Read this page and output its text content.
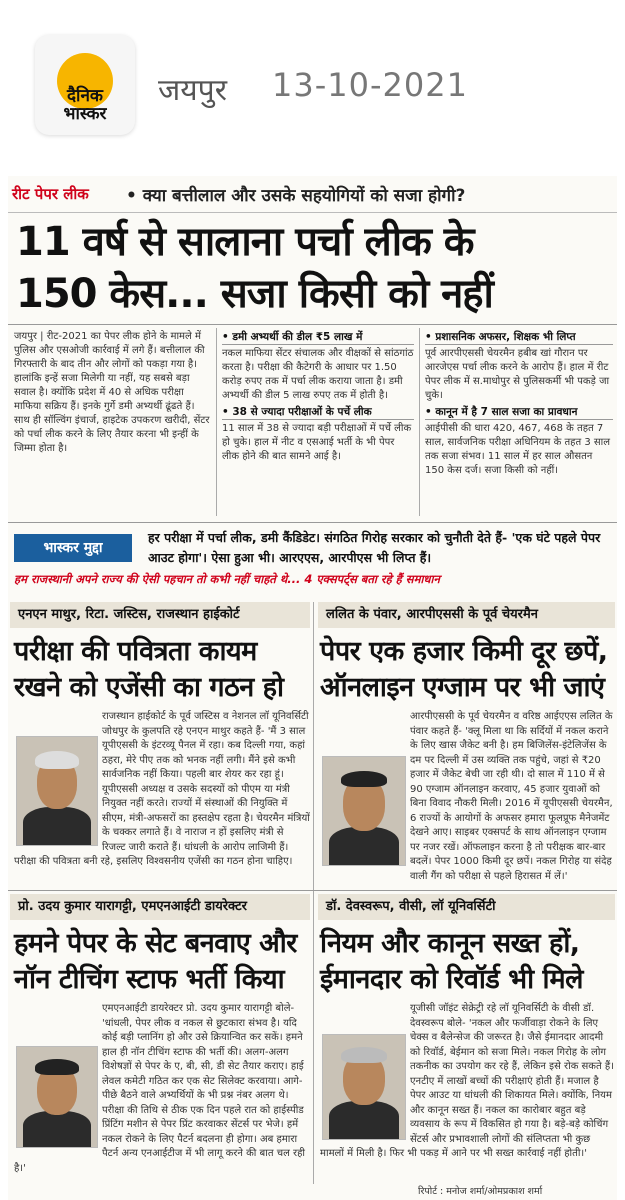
दैनिक
भास्कर
जयपुर 13-10-2021
रीट पेपर लीक • क्या बत्तीलाल और उसके सहयोगियों को सजा होगी?
11 वर्ष से सालाना पर्चा लीक के
150 केस... सजा किसी को नहीं
जयपुर | रीट-2021 का पेपर लीक होने के मामले में पुलिस और एसओजी कार्रवाई में लगे हैं। बत्तीलाल की गिरफ्तारी के बाद तीन और लोगों को पकड़ा गया है। हालांकि इन्हें सजा मिलेगी या नहीं, यह सबसे बड़ा सवाल है। क्योंकि प्रदेश में 40 से अधिक परीक्षा माफिया सक्रिय हैं। इनके गुर्गे डमी अभ्यर्थी ढूंढते हैं। साथ ही सॉल्विंग इंचार्ज, हाइटेक उपकरण खरीदी, सेंटर को पर्चा लीक करने के लिए तैयार करना भी इन्हीं के जिम्मा होता है।
• डमी अभ्यर्थी की डील ₹5 लाख में
नकल माफिया सेंटर संचालक और वीक्षकों से सांठगांठ करता है। परीक्षा की कैटेगरी के आधार पर 1.50 करोड़ रुपए तक में पर्चा लीक कराया जाता है। डमी अभ्यर्थी की डील 5 लाख रुपए तक में होती है।
• 38 से ज्यादा परीक्षाओं के पर्चे लीक
11 साल में 38 से ज्यादा बड़ी परीक्षाओं में पर्चे लीक हो चुके। हाल में नीट व एसआई भर्ती के भी पेपर लीक होने की बात सामने आई है।
• प्रशासनिक अफसर, शिक्षक भी लिप्त
पूर्व आरपीएससी चेयरमैन हबीब खां गौरान पर आरजेएस पर्चा लीक करने के आरोप हैं। हाल में रीट पेपर लीक में स.माधोपुर से पुलिसकर्मी भी पकड़े जा चुके।
• कानून में है 7 साल सजा का प्रावधान
आईपीसी की धारा 420, 467, 468 के तहत 7 साल, सार्वजनिक परीक्षा अधिनियम के तहत 3 साल तक सजा संभव। 11 साल में हर साल औसतन 150 केस दर्ज। सजा किसी को नहीं।
भास्कर मुद्दा
हर परीक्षा में पर्चा लीक, डमी कैंडिडेट। संगठित गिरोह सरकार को चुनौती देते हैं- 'एक घंटे पहले पेपर आउट होगा'। ऐसा हुआ भी। आरएएस, आरपीएस भी लिप्त हैं।
हम राजस्थानी अपने राज्य की ऐसी पहचान तो कभी नहीं चाहते थे... 4 एक्सपर्ट्स बता रहे हैं समाधान
एनएन माथुर, रिटा. जस्टिस, राजस्थान हाईकोर्ट
परीक्षा की पवित्रता कायम
रखने को एजेंसी का गठन हो
राजस्थान हाईकोर्ट के पूर्व जस्टिस व नेशनल लॉ यूनिवर्सिटी जोधपुर के कुलपति रहे एनएन माथुर कहते हैं- 'मैं 3 साल यूपीएससी के इंटरव्यू पैनल में रहा। कब दिल्ली गया, कहां ठहरा, मेरे पीए तक को भनक नहीं लगी। मैंने इसे कभी सार्वजनिक नहीं किया। पहली बार शेयर कर रहा हूं। यूपीएससी अध्यक्ष व उसके सदस्यों को पीएम या मंत्री नियुक्त नहीं करते। राज्यों में संस्थाओं की नियुक्ति में सीएम, मंत्री-अफसरों का हस्तक्षेप रहता है। चेयरमैन मंत्रियों के चक्कर लगाते हैं। वे नाराज न हों इसलिए मंत्री से रिजल्ट जारी कराते हैं। धांधली के आरोप लाजिमी हैं। परीक्षा की पवित्रता बनी रहे, इसलिए विश्वसनीय एजेंसी का गठन होना चाहिए।
ललित के पंवार, आरपीएससी के पूर्व चेयरमैन
पेपर एक हजार किमी दूर छपें,
ऑनलाइन एग्जाम पर भी जाएं
आरपीएससी के पूर्व चेयरमैन व वरिष्ठ आईएएस ललित के पंवार कहते हैं- 'क्लू मिला था कि सर्दियों में नकल कराने के लिए खास जैकेट बनी है। हम बिजिलेंस-इंटेलिजेंस के दम पर दिल्ली में उस व्यक्ति तक पहुंचे, जहां से ₹20 हजार में जैकेट बेची जा रही थी। दो साल में 110 में से 90 एग्जाम ऑनलाइन करवाए, 45 हजार युवाओं को बिना विवाद नौकरी मिली। 2016 में यूपीएससी चेयरमैन, 6 राज्यों के आयोगों के अफसर हमारा फूलप्रूफ मैनेजमेंट देखने आए। साइबर एक्सपर्ट के साथ ऑनलाइन एग्जाम पर नजर रखें। ऑफलाइन करना है तो परीक्षक बार-बार बदलें। पेपर 1000 किमी दूर छपें। नकल गिरोह या संदेह वाली गैंग को परीक्षा से पहले हिरासत में लें।'
प्रो. उदय कुमार यारागट्टी, एमएनआईटी डायरेक्टर
हमने पेपर के सेट बनवाए और
नॉन टीचिंग स्टाफ भर्ती किया
एमएनआईटी डायरेक्टर प्रो. उदय कुमार यारागट्टी बोले- 'धांधली, पेपर लीक व नकल से छुटकारा संभव है। यदि कोई बड़ी प्लानिंग हो और उसे क्रियान्वित कर सकें। हमने हाल ही नॉन टीचिंग स्टाफ की भर्ती की। अलग-अलग विशेषज्ञों से पेपर के ए, बी, सी, डी सेट तैयार कराए। हाई लेवल कमेटी गठित कर एक सेट सिलेक्ट करवाया। आगे-पीछे बैठने वाले अभ्यर्थियों के भी प्रश्न नंबर अलग थे। परीक्षा की तिथि से ठीक एक दिन पहले रात को हाईस्पीड प्रिंटिंग मशीन से पेपर प्रिंट करवाकर सेंटर्स पर भेजे। हमें नकल रोकने के लिए पैटर्न बदलना ही होगा। अब हमारा पैटर्न अन्य एनआईटीज में भी लागू करने की बात चल रही है।'
डॉ. देवस्वरूप, वीसी, लॉ यूनिवर्सिटी
नियम और कानून सख्त हों,
ईमानदार को रिवॉर्ड भी मिले
यूजीसी जॉइंट सेक्रेट्री रहे लॉ यूनिवर्सिटी के वीसी डॉ. देवस्वरूप बोले- 'नकल और फर्जीवाड़ा रोकने के लिए चेक्स व बैलेन्सेज की जरूरत है। जैसे ईमानदार आदमी को रिवॉर्ड, बेईमान को सजा मिले। नकल गिरोह के लोग तकनीक का उपयोग कर रहे हैं, लेकिन इसे रोक सकते हैं। एनटीए में लाखों बच्चों की परीक्षाएं होती हैं। मजाल है पेपर आउट या धांधली की शिकायत मिले। क्योंकि, नियम और कानून सख्त हैं। नकल का कारोबार बहुत बड़े व्यवसाय के रूप में विकसित हो गया है। बड़े-बड़े कोचिंग सेंटर्स और प्रभावशाली लोगों की संलिप्तता भी कुछ मामलों में मिली है। फिर भी पकड़ में आने पर भी सख्त कार्रवाई नहीं होती।'
रिपोर्ट : मनोज शर्मा/ओमप्रकाश शर्मा
